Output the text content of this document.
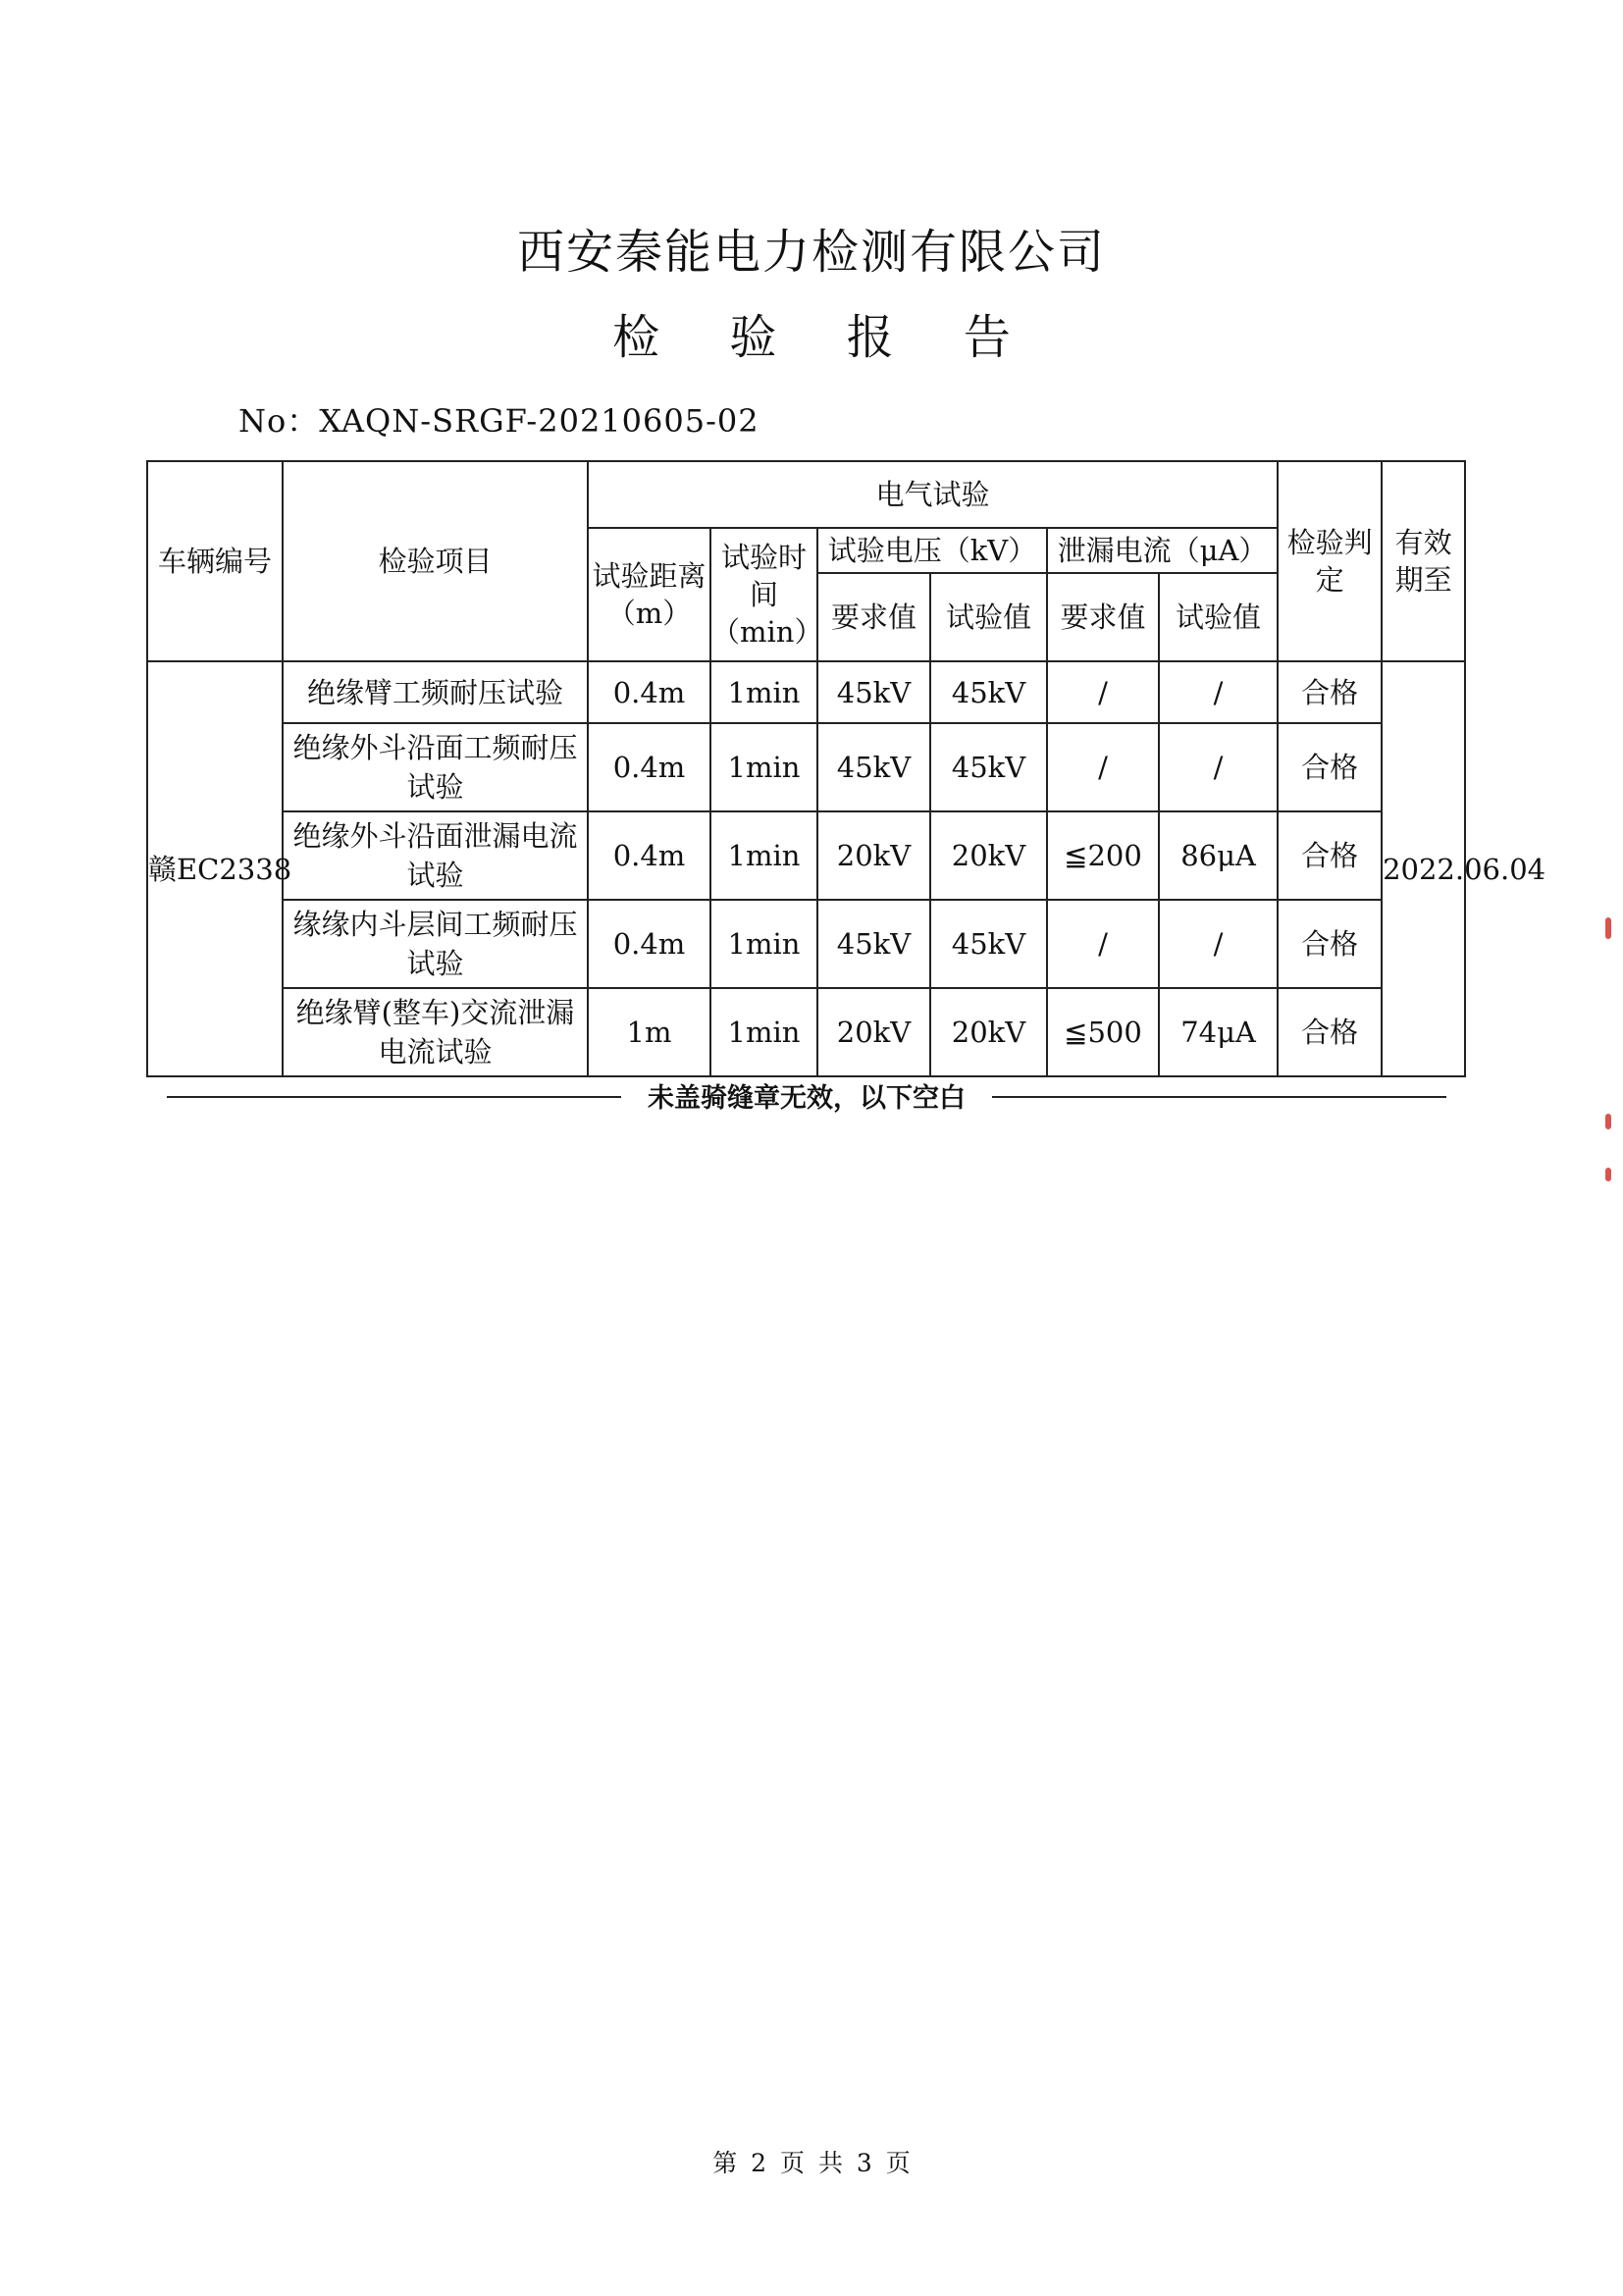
西安秦能电力检测有限公司
检 验 报 告
No：XAQN-SRGF-20210605-02
车辆编号	检验项目	电气试验						检验判定	有效期至
		试验距离（m）	试验时间（min）	试验电压（kV）		泄漏电流（μA）			
				要求值	试验值	要求值	试验值		
赣EC2338	绝缘臂工频耐压试验	0.4m	1min	45kV	45kV	/	/	合格	2022.06.04
	绝缘外斗沿面工频耐压试验	0.4m	1min	45kV	45kV	/	/	合格	
	绝缘外斗沿面泄漏电流试验	0.4m	1min	20kV	20kV	≦200	86μA	合格	
	缘缘内斗层间工频耐压试验	0.4m	1min	45kV	45kV	/	/	合格	
	绝缘臂(整车)交流泄漏电流试验	1m	1min	20kV	20kV	≦500	74μA	合格	
未盖骑缝章无效，以下空白
第 2 页 共 3 页
